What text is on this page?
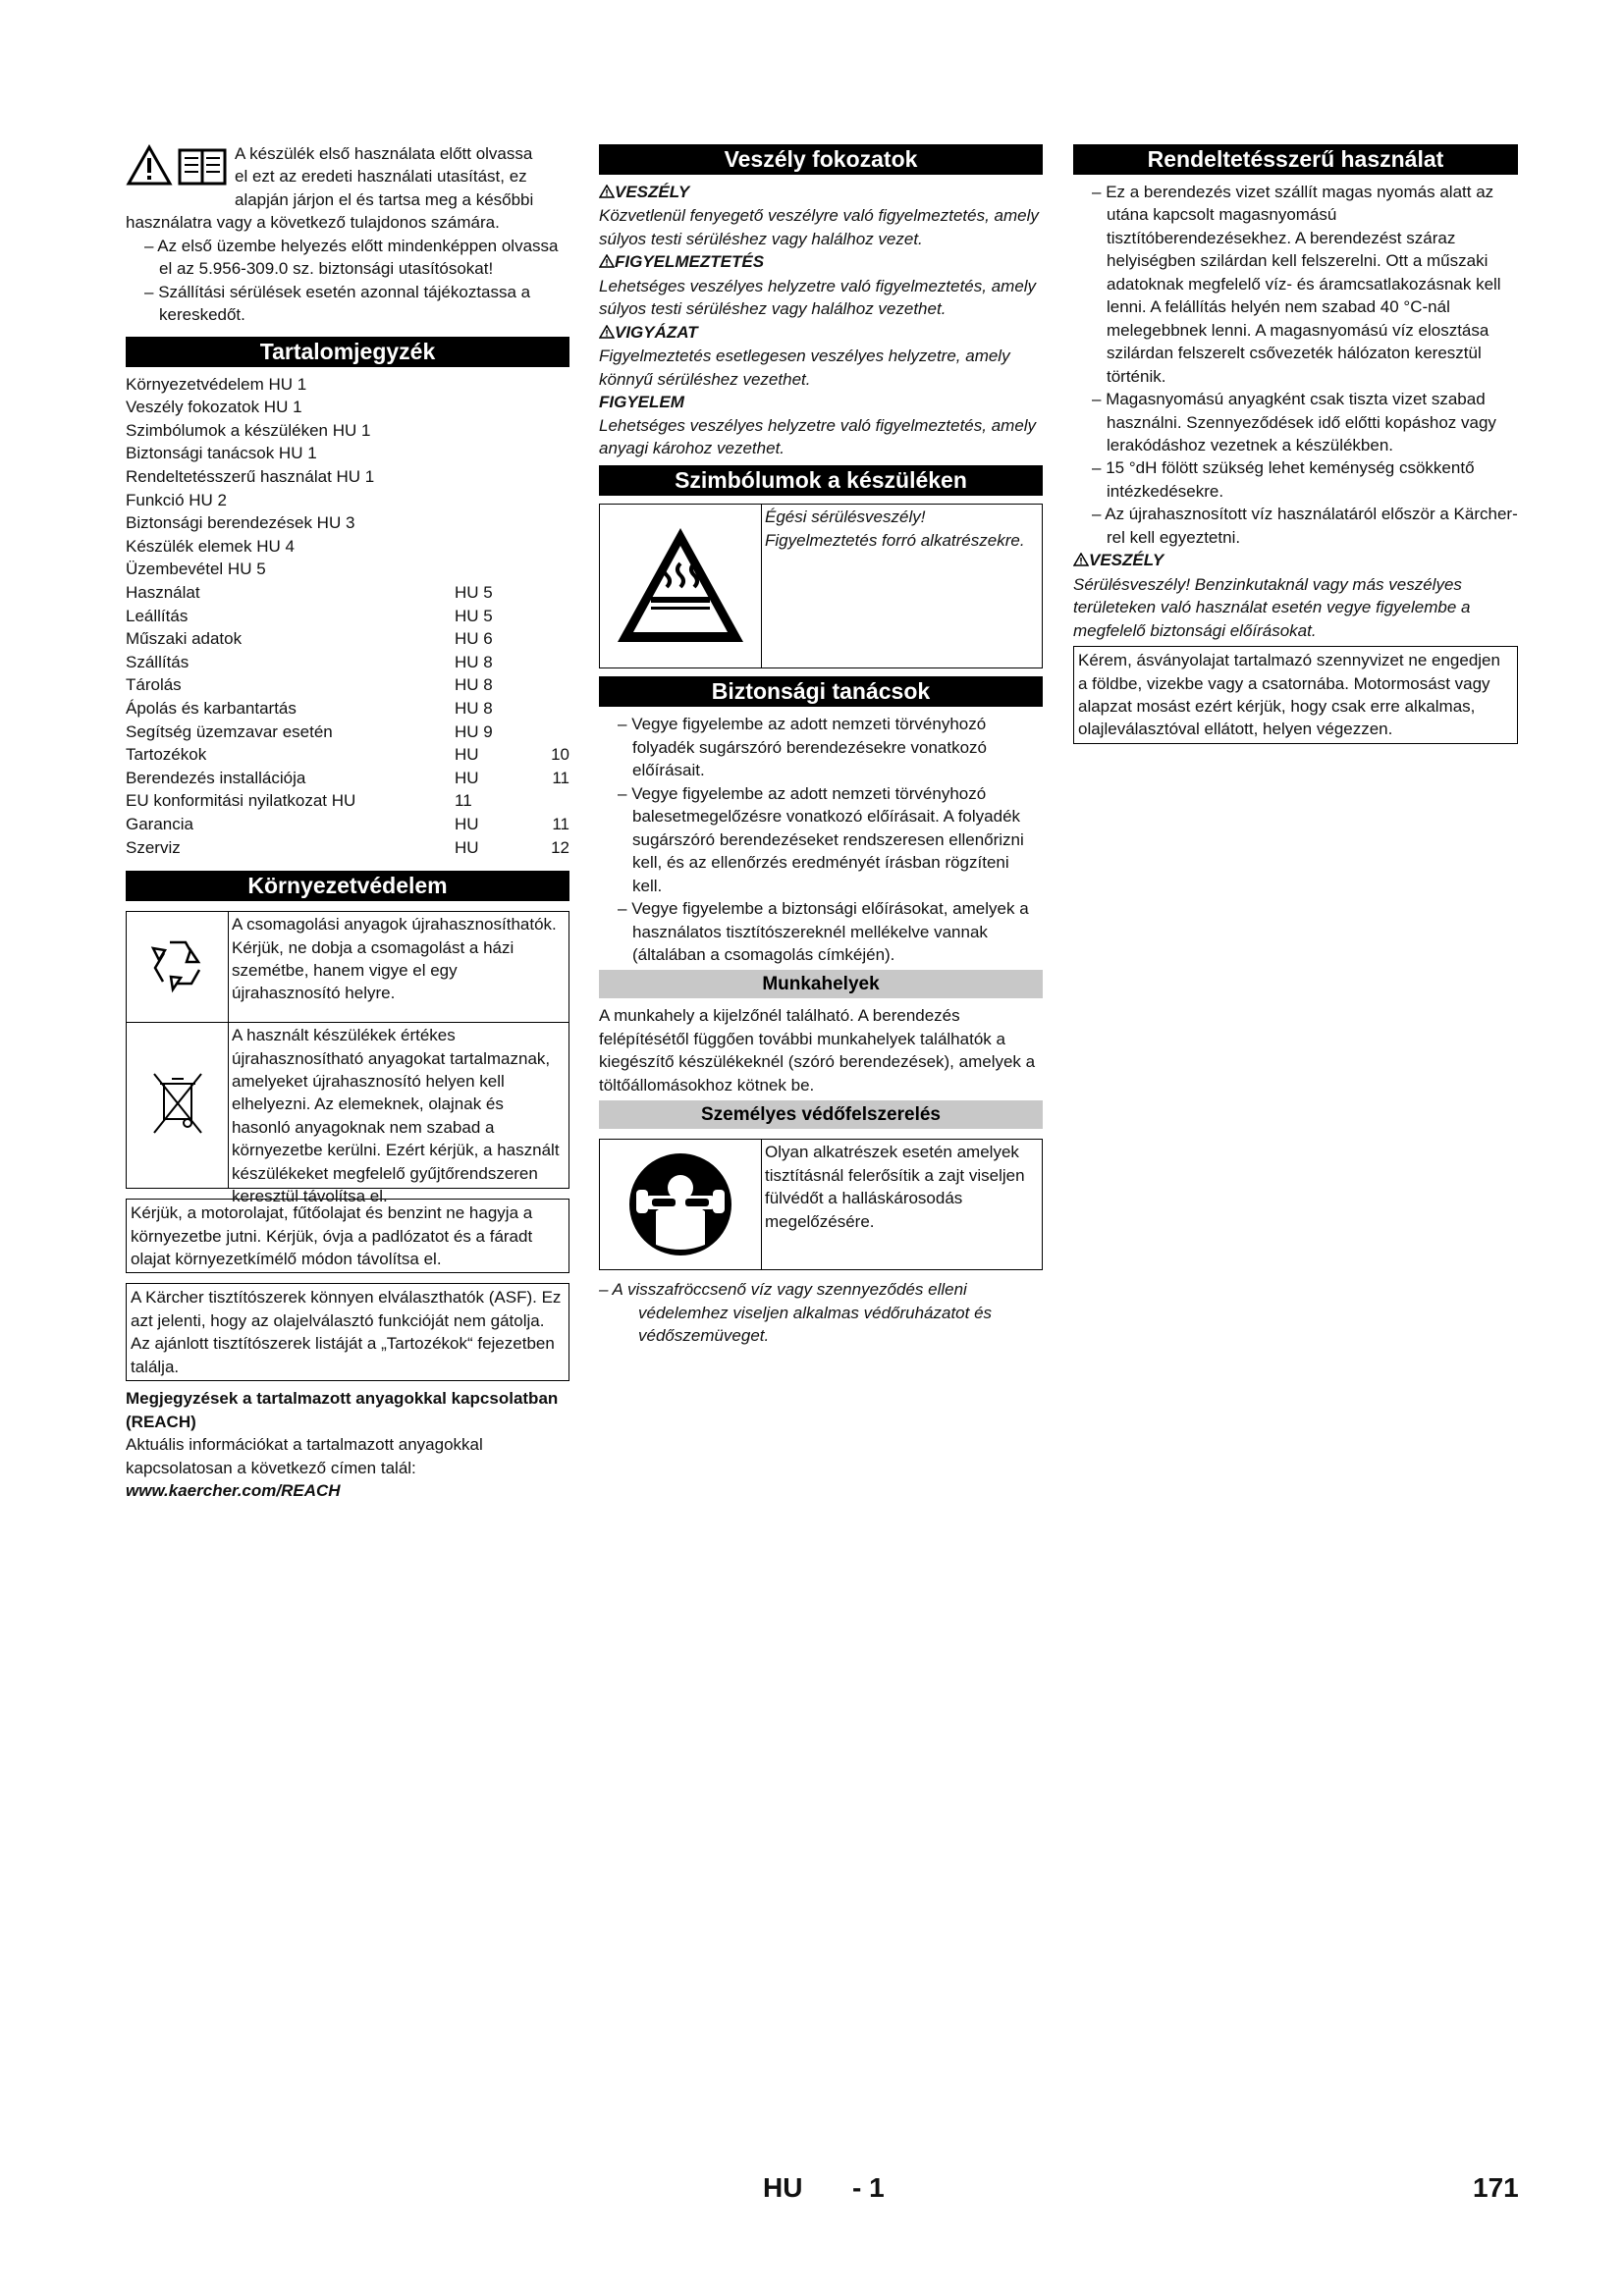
A készülék első használata előtt olvassa

el ezt az eredeti használati utasítást, ez

alapján járjon el és tartsa meg a későbbi

használatra vagy a következő tulajdonos számára.

– Az első üzembe helyezés előtt mindenképpen olvassa el az 5.956-309.0 sz. biztonsági utasítósokat!

– Szállítási sérülések esetén azonnal tájékoztassa a kereskedőt.

Tartalomjegyzék
Környezetvédelem HU 1
Veszély fokozatok HU 1
Szimbólumok a készüléken HU 1
Biztonsági tanácsok HU 1
Rendeltetésszerű használat HU 1
Funkció HU 2
Biztonsági berendezések HU 3
Készülék elemek HU 4
Üzembevétel HU 5
Használat	HU 5
Leállítás	HU 5
Műszaki adatok	HU 6
Szállítás	HU 8
Tárolás	HU 8
Ápolás és karbantartás	HU 8
Segítség üzemzavar esetén	HU 9
Tartozékok	HU	10
Berendezés installációja	HU	11
EU konformitási nyilatkozat HU	11
Garancia	HU	11
Szerviz	HU	12
Környezetvédelem
A csomagolási anyagok újrahasznosíthatók. Kérjük, ne dobja a csomagolást a házi szemétbe, hanem vigye el egy újrahasznosító helyre.
A használt készülékek értékes újrahasznosítható anyagokat tartalmaznak, amelyeket újrahasznosító helyen kell elhelyezni. Az elemeknek, olajnak és hasonló anyagoknak nem szabad a környezetbe kerülni. Ezért kérjük, a használt készülékeket megfelelő gyűjtőrendszeren keresztül távolítsa el.
Kérjük, a motorolajat, fűtőolajat és benzint ne hagyja a környezetbe jutni. Kérjük, óvja a padlózatot és a fáradt olajat környezetkímélő módon távolítsa el.
A Kärcher tisztítószerek könnyen elválaszthatók (ASF). Ez azt jelenti, hogy az olajelválasztó funkcióját nem gátolja. Az ajánlott tisztítószerek listáját a „Tartozékok“ fejezetben találja.

Megjegyzések a tartalmazott anyagokkal kapcsolatban (REACH)

Aktuális információkat a tartalmazott anyagokkal kapcsolatosan a következő címen talál:

www.kaercher.com/REACH

Veszély fokozatok

VESZÉLY

Közvetlenül fenyegető veszélyre való figyelmeztetés, amely súlyos testi sérüléshez vagy halálhoz vezet.

FIGYELMEZTETÉS

Lehetséges veszélyes helyzetre való figyelmeztetés, amely súlyos testi sérüléshez vagy halálhoz vezethet.

VIGYÁZAT

Figyelmeztetés esetlegesen veszélyes helyzetre, amely könnyű sérüléshez vezethet.

FIGYELEM

Lehetséges veszélyes helyzetre való figyelmeztetés, amely anyagi károhoz vezethet.

Szimbólumok a készüléken
Égési sérülésveszély! Figyelmeztetés forró alkatrészekre.
Biztonsági tanácsok

– Vegye figyelembe az adott nemzeti törvényhozó folyadék sugárszóró berendezésekre vonatkozó előírásait.

– Vegye figyelembe az adott nemzeti törvényhozó balesetmegelőzésre vonatkozó előírásait. A folyadék sugárszóró berendezéseket rendszeresen ellenőrizni kell, és az ellenőrzés eredményét írásban rögzíteni kell.

– Vegye figyelembe a biztonsági előírásokat, amelyek a használatos tisztítószereknél mellékelve vannak (általában a csomagolás címkéjén).

Munkahelyek

A munkahely a kijelzőnél található. A berendezés felépítésétől függően további munkahelyek találhatók a kiegészítő készülékeknél (szóró berendezések), amelyek a töltőállomásokhoz kötnek be.

Személyes védőfelszerelés
Olyan alkatrészek esetén amelyek tisztításnál felerősítik a zajt viseljen fülvédőt a halláskárosodás megelőzésére.

– A visszafröccsenő víz vagy szennyeződés elleni védelemhez viseljen alkalmas védőruházatot és védőszemüveget.

Rendeltetésszerű használat

– Ez a berendezés vizet szállít magas nyomás alatt az utána kapcsolt magasnyomású tisztítóberendezésekhez. A berendezést száraz helyiségben szilárdan kell felszerelni. Ott a műszaki adatoknak megfelelő víz- és áramcsatlakozásnak kell lenni. A felállítás helyén nem szabad 40 °C-nál melegebbnek lenni. A magasnyomású víz elosztása szilárdan felszerelt csővezeték hálózaton keresztül történik.

– Magasnyomású anyagként csak tiszta vizet szabad használni. Szennyeződések idő előtti kopáshoz vagy lerakódáshoz vezetnek a készülékben.

– 15 °dH fölött szükség lehet keménység csökkentő intézkedésekre.

– Az újrahasznosított víz használatáról először a Kärcher-rel kell egyeztetni.

VESZÉLY

Sérülésveszély! Benzinkutaknál vagy más veszélyes területeken való használat esetén vegye figyelembe a megfelelő biztonsági előírásokat.

Kérem, ásványolajat tartalmazó szennyvizet ne engedjen a földbe, vizekbe vagy a csatornába. Motormosást vagy alapzat mosást ezért kérjük, hogy csak erre alkalmas, olajleválasztóval ellátott, helyen végezzen.
HU - 1	171
